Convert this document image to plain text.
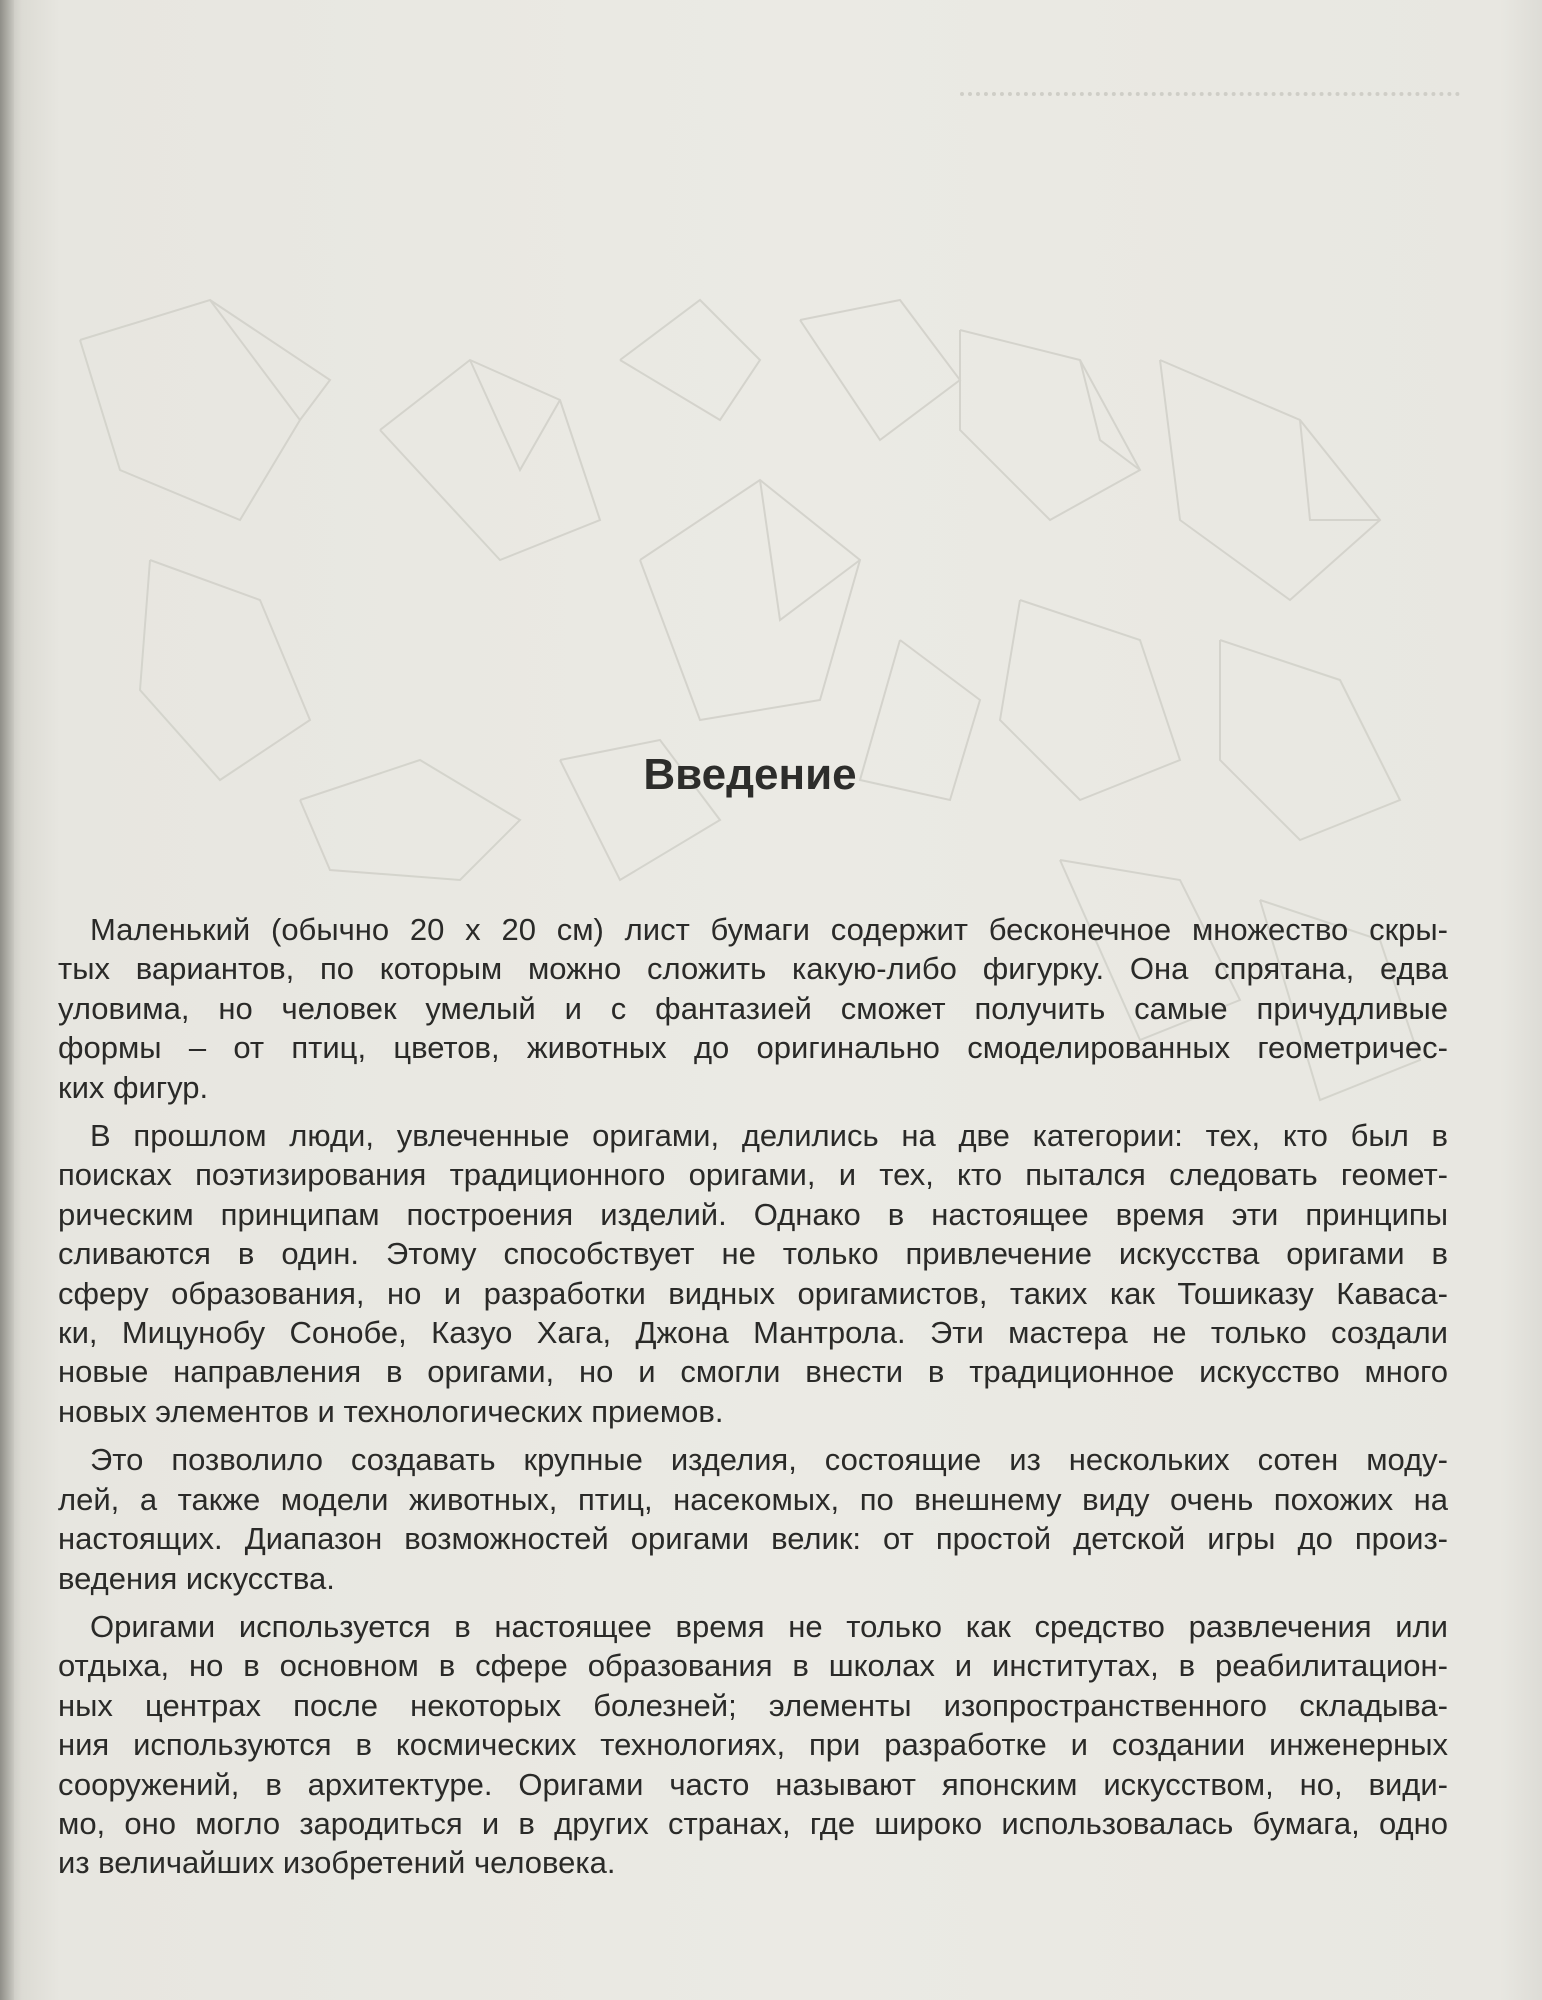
Введение

Маленький (обычно 20 х 20 см) лист бумаги содержит бесконечное множество скры-
тых вариантов, по которым можно сложить какую-либо фигурку. Она спрятана, едва
уловима, но человек умелый и с фантазией сможет получить самые причудливые
формы – от птиц, цветов, животных до оригинально смоделированных геометричес-
ких фигур.

В прошлом люди, увлеченные оригами, делились на две категории: тех, кто был в
поисках поэтизирования традиционного оригами, и тех, кто пытался следовать геомет-
рическим принципам построения изделий. Однако в настоящее время эти принципы
сливаются в один. Этому способствует не только привлечение искусства оригами в
сферу образования, но и разработки видных оригамистов, таких как Тошиказу Каваса-
ки, Мицунобу Сонобе, Казуо Хага, Джона Мантрола. Эти мастера не только создали
новые направления в оригами, но и смогли внести в традиционное искусство много
новых элементов и технологических приемов.

Это позволило создавать крупные изделия, состоящие из нескольких сотен моду-
лей, а также модели животных, птиц, насекомых, по внешнему виду очень похожих на
настоящих. Диапазон возможностей оригами велик: от простой детской игры до произ-
ведения искусства.

Оригами используется в настоящее время не только как средство развлечения или
отдыха, но в основном в сфере образования в школах и институтах, в реабилитацион-
ных центрах после некоторых болезней; элементы изопространственного складыва-
ния используются в космических технологиях, при разработке и создании инженерных
сооружений, в архитектуре. Оригами часто называют японским искусством, но, види-
мо, оно могло зародиться и в других странах, где широко использовалась бумага, одно
из величайших изобретений человека.
